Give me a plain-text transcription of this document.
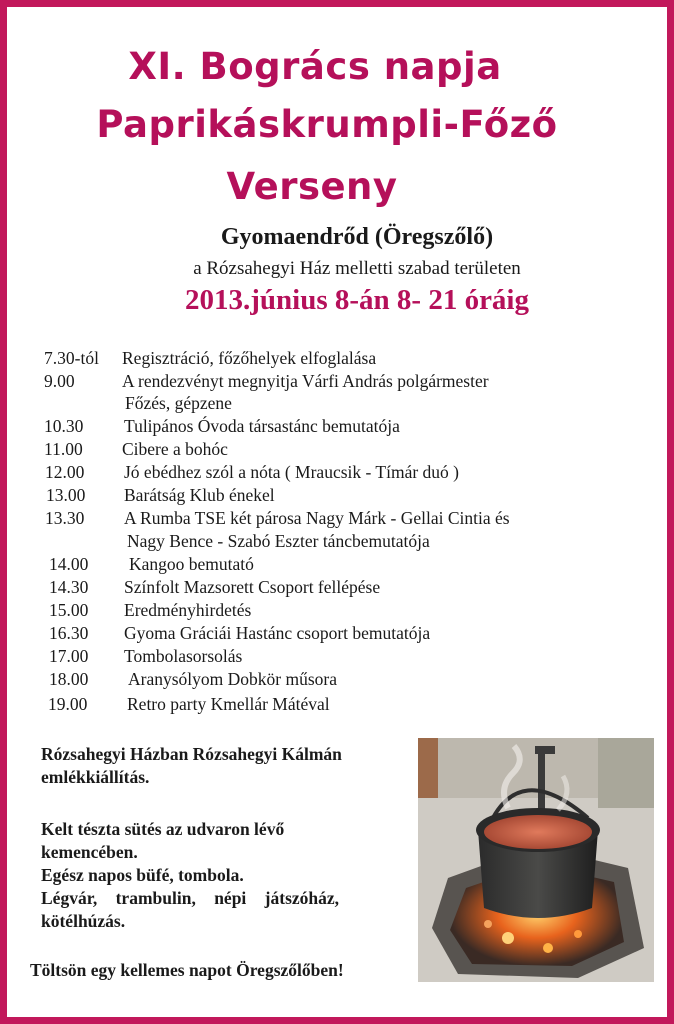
XI. Bogrács napja
Paprikáskrumpli-Főző
Verseny
Gyomaendrőd (Öregszőlő)
a Rózsahegyi Ház melletti szabad területen
2013.június 8-án 8- 21 óráig
7.30-tól Regisztráció, főzőhelyek elfoglalása
9.00	A rendezvényt megnyitja Várfi András polgármester
Főzés, gépzene
10.30 Tulipános Óvoda társastánc bemutatója
11.00 Cibere a bohóc
12.00 Jó ebédhez szól a nóta ( Mraucsik - Tímár duó )
13.00 Barátság Klub énekel
13.30 A Rumba TSE két párosa Nagy Márk - Gellai Cintia és
Nagy Bence - Szabó Eszter táncbemutatója
14.00 Kangoo bemutató
14.30 Színfolt Mazsorett Csoport fellépése
15.00 Eredményhirdetés
16.30 Gyoma Gráciái Hastánc csoport bemutatója
17.00 Tombolasorsolás
18.00 Aranysólyom Dobkör műsora
19.00 Retro party Kmellár Mátéval
Rózsahegyi Házban Rózsahegyi Kálmán
emlékkiállítás.
Kelt tészta sütés az udvaron lévő
kemencében.
Egész napos büfé, tombola.
Légvár, trambulin, népi játszóház,
kötélhúzás.
Töltsön egy kellemes napot Öregszőlőben!
